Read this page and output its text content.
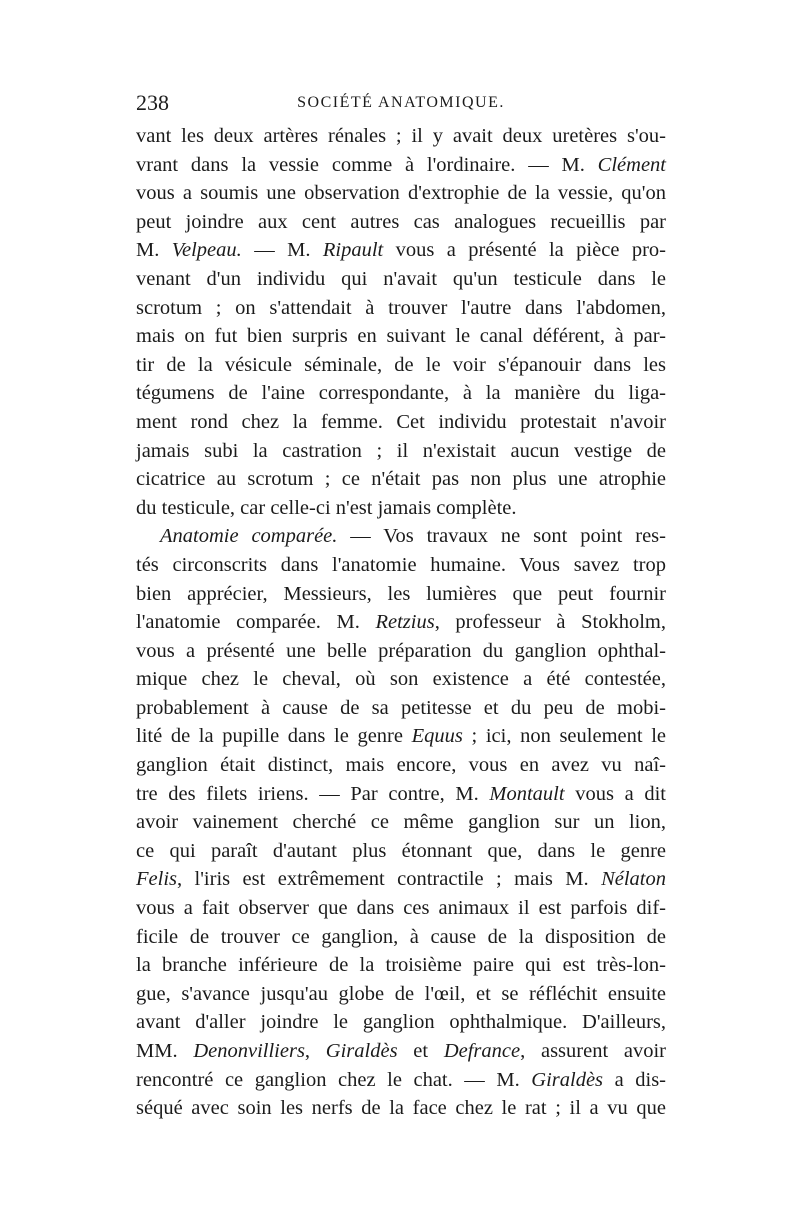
238	SOCIÉTÉ ANATOMIQUE.
vant les deux artères rénales ; il y avait deux uretères s'ou-
vrant dans la vessie comme à l'ordinaire. — M. Clément
vous a soumis une observation d'extrophie de la vessie, qu'on
peut joindre aux cent autres cas analogues recueillis par
M. Velpeau. — M. Ripault vous a présenté la pièce pro-
venant d'un individu qui n'avait qu'un testicule dans le
scrotum ; on s'attendait à trouver l'autre dans l'abdomen,
mais on fut bien surpris en suivant le canal déférent, à par-
tir de la vésicule séminale, de le voir s'épanouir dans les
tégumens de l'aine correspondante, à la manière du liga-
ment rond chez la femme. Cet individu protestait n'avoir
jamais subi la castration ; il n'existait aucun vestige de
cicatrice au scrotum ; ce n'était pas non plus une atrophie
du testicule, car celle-ci n'est jamais complète.
Anatomie comparée. — Vos travaux ne sont point res-
tés circonscrits dans l'anatomie humaine. Vous savez trop
bien apprécier, Messieurs, les lumières que peut fournir
l'anatomie comparée. M. Retzius, professeur à Stokholm,
vous a présenté une belle préparation du ganglion ophthal-
mique chez le cheval, où son existence a été contestée,
probablement à cause de sa petitesse et du peu de mobi-
lité de la pupille dans le genre Equus ; ici, non seulement le
ganglion était distinct, mais encore, vous en avez vu naî-
tre des filets iriens. — Par contre, M. Montault vous a dit
avoir vainement cherché ce même ganglion sur un lion,
ce qui paraît d'autant plus étonnant que, dans le genre
Felis, l'iris est extrêmement contractile ; mais M. Nélaton
vous a fait observer que dans ces animaux il est parfois dif-
ficile de trouver ce ganglion, à cause de la disposition de
la branche inférieure de la troisième paire qui est très-lon-
gue, s'avance jusqu'au globe de l'œil, et se réfléchit ensuite
avant d'aller joindre le ganglion ophthalmique. D'ailleurs,
MM. Denonvilliers, Giraldès et Defrance, assurent avoir
rencontré ce ganglion chez le chat. — M. Giraldès a dis-
séqué avec soin les nerfs de la face chez le rat ; il a vu que
